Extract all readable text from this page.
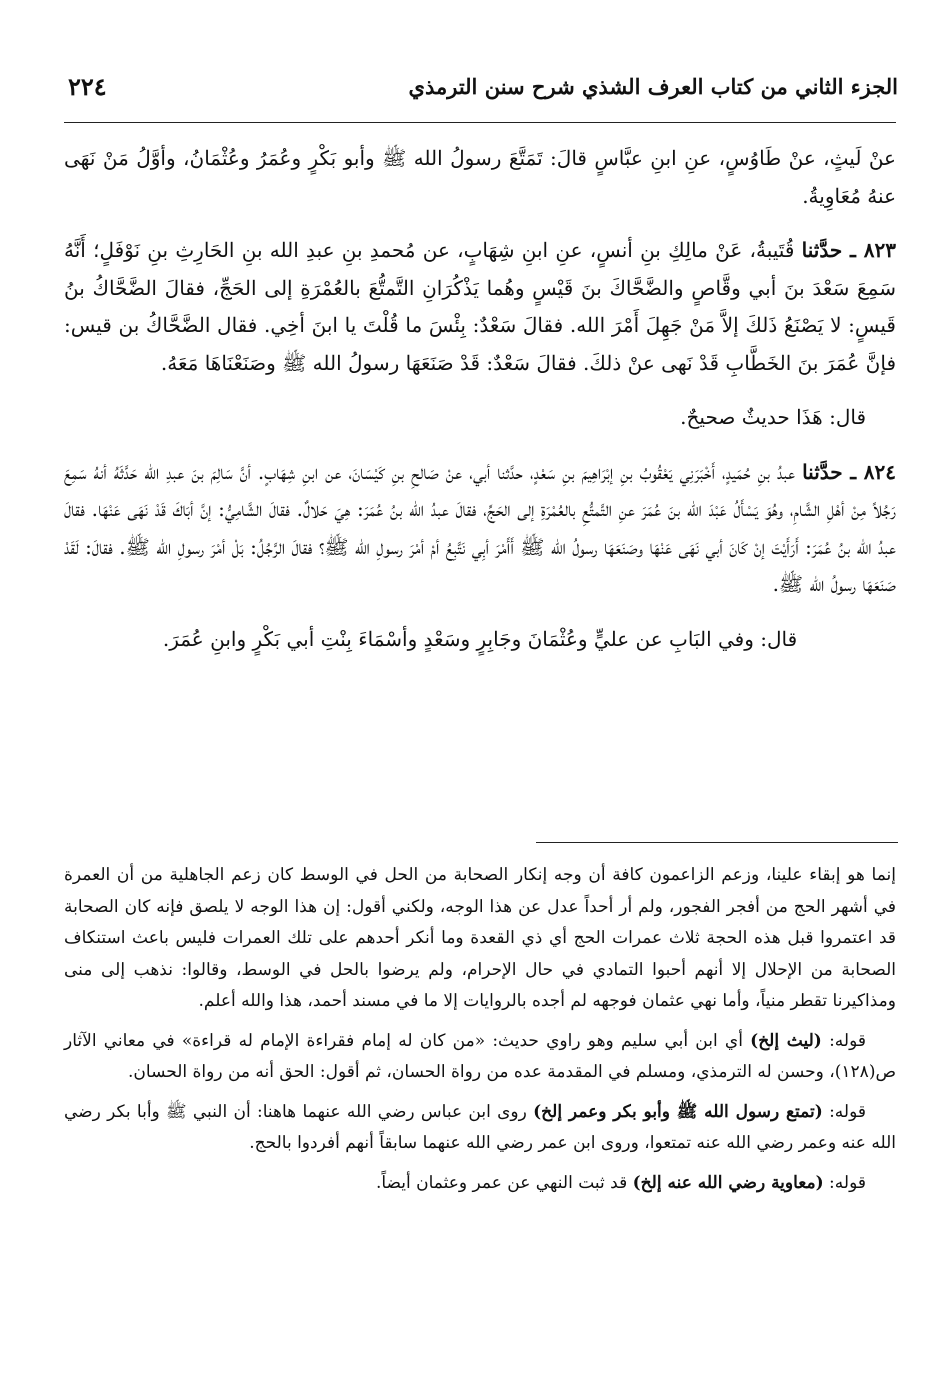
٢٢٤	الجزء الثاني من كتاب العرف الشذي شرح سنن الترمذي

عنْ لَيثٍ، عنْ طَاوُسٍ، عنِ ابنِ عبَّاسٍ قالَ: تَمَتَّعَ رسولُ الله ﷺ وأبو بَكْرٍ وعُمَرُ وعُثْمَانُ، وأوَّلُ مَنْ نَهَى عنهُ مُعَاوِيةُ.

٨٢٣ ـ حدَّثنا قُتَيبةُ، عَنْ مالِكِ بنِ أنسٍ، عنِ ابنِ شِهَابٍ، عن مُحمدِ بنِ عبدِ الله بنِ الحَارِثِ بنِ نَوْفَلٍ؛ أَنَّهُ سَمِعَ سَعْدَ بنَ أبي وقَّاصٍ والضَّحَّاكَ بنَ قَيْسٍ وهُما يَذْكُرَانِ التَّمتُّعَ بالعُمْرَةِ إلى الحَجِّ، فقالَ الضَّحَّاكُ بنُ قَيسٍ: لا يَصْنَعُ ذَلكَ إلاَّ مَنْ جَهِلَ أَمْرَ الله. فقالَ سَعْدٌ: بِئْسَ ما قُلْتَ يا ابنَ أخِي. فقال الضَّحَّاكُ بن قيس: فإنَّ عُمَرَ بنَ الخَطَّابِ قَدْ نَهى عنْ ذلكَ. فقالَ سَعْدٌ: قَدْ صَنَعَهَا رسولُ الله ﷺ وصَنَعْنَاهَا مَعَهُ.

قال: هَذَا حديثٌ صحيحٌ.

٨٢٤ ـ حدَّثنا عبدُ بنِ حُمَيدٍ، أَخْبَرَنِي يَعْقُوبُ بنِ إبْرَاهِيمَ بنِ سَعْدٍ، حدَّثنا أبي، عنْ صَالحِ بنِ كَيْسَانَ، عن ابنِ شِهَابٍ. أنَّ سَالِمَ بنَ عبدِ الله حَدَّثَهُ أنهُ سَمِعَ رَجُلاً مِنْ أهْلِ الشَّامِ، وهُوَ يَسْأَلُ عَبْدَ الله بنَ عُمَرَ عنِ التَّمتُّعِ بالعُمْرَةِ إلى الحَجِّ، فقالَ عبدُ الله بنُ عُمَرَ: هِيَ حَلالٌ. فقالَ الشَّامِيُّ: إنَّ أبَاكَ قَدْ نَهَى عَنْهَا. فقالَ عبدُ الله بنُ عُمَرَ: أَرَأَيْتَ إنْ كَانَ أبي نَهَى عَنْهَا وصَنَعَهَا رسولُ الله ﷺ أَأَمْرَ أبِي نَتَّبِعُ أمْ أمْرَ رسولِ الله ﷺ؟ فقالَ الرَّجُلُ: بَلْ أمْرَ رسولِ الله ﷺ. فقالَ: لَقَدْ صَنَعَهَا رسولُ الله ﷺ.

قال: وفي البَابِ عن عليٍّ وعُثْمَانَ وجَابِرٍ وسَعْدٍ وأسْمَاءَ بِنْتِ أبي بَكْرٍ وابنِ عُمَرَ.

إنما هو إبقاء علينا، وزعم الزاعمون كافة أن وجه إنكار الصحابة من الحل في الوسط كان زعم الجاهلية من أن العمرة في أشهر الحج من أفجر الفجور، ولم أر أحداً عدل عن هذا الوجه، ولكني أقول: إن هذا الوجه لا يلصق فإنه كان الصحابة قد اعتمروا قبل هذه الحجة ثلاث عمرات الحج أي ذي القعدة وما أنكر أحدهم على تلك العمرات فليس باعث استنكاف الصحابة من الإحلال إلا أنهم أحبوا التمادي في حال الإحرام، ولم يرضوا بالحل في الوسط، وقالوا: نذهب إلى منى ومذاكيرنا تقطر منياً، وأما نهي عثمان فوجهه لم أجده بالروايات إلا ما في مسند أحمد، هذا والله أعلم.

قوله: (ليث إلخ) أي ابن أبي سليم وهو راوي حديث: «من كان له إمام فقراءة الإمام له قراءة» في معاني الآثار ص(١٢٨)، وحسن له الترمذي، ومسلم في المقدمة عده من رواة الحسان، ثم أقول: الحق أنه من رواة الحسان.

قوله: (تمتع رسول الله ﷺ وأبو بكر وعمر إلخ) روى ابن عباس رضي الله عنهما هاهنا: أن النبي ﷺ وأبا بكر رضي الله عنه وعمر رضي الله عنه تمتعوا، وروى ابن عمر رضي الله عنهما سابقاً أنهم أفردوا بالحج.

قوله: (معاوية رضي الله عنه إلخ) قد ثبت النهي عن عمر وعثمان أيضاً.
